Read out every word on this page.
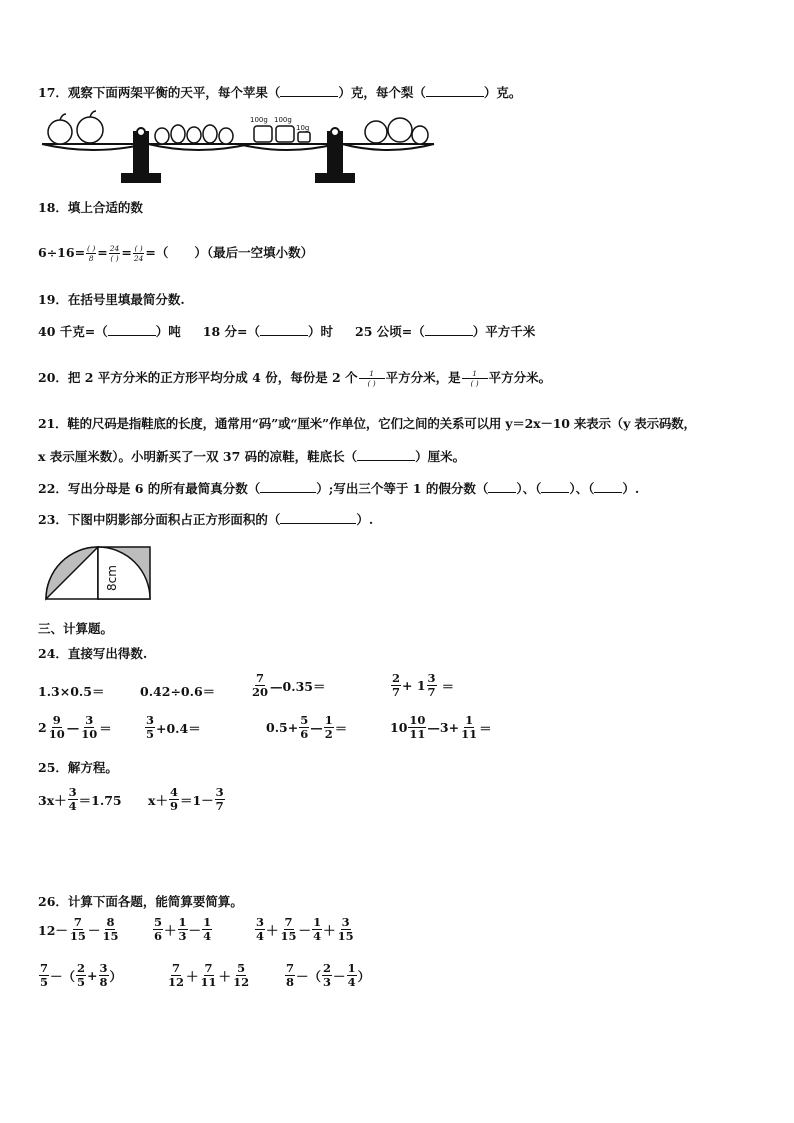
17．观察下面两架平衡的天平，每个苹果（	）克，每个梨（	）克。
100g 100g
10g
18．填上合适的数
$6\div 16= \frac{( )}{8} = \frac{24}{( )} = \frac{( )}{24}$ =（ ）（最后一空填小数）
19．在括号里填最简分数.
40 千克=（	）吨 18 分=（	）时 25 公顷=（	）平方千米
20．把 2 平方分米的正方形平均分成 4 份，每份是 2 个 $\frac{1}{( )}$ 平方分米，是 $\frac{1}{( )}$ 平方分米。
21．鞋的尺码是指鞋底的长度，通常用“码”或“厘米”作单位，它们之间的关系可以用 y＝2x－10 来表示（y 表示码数，
x 表示厘米数）。小明新买了一双 37 码的凉鞋，鞋底长（	）厘米。
22．写出分母是 6 的所有最简真分数（	）;写出三个等于 1 的假分数（ ）、（ ）、（ ）.
23．下图中阴影部分面积占正方形面积的（	）.
8cm
三、计算题。
24．直接写出得数.
1.3×0.5＝	0.42÷0.6＝	$\frac{7}{20}$ —0.35＝	$\frac{2}{7} + 1 \frac{3}{7}$ ＝
$2 \frac{9}{10}$ — $\frac{3}{10}$ ＝	$\frac{3}{5} +0.4=$	$0.5+ \frac{5}{6}$ — $\frac{1}{2}$ ＝	$10 \frac{10}{11}$ —3+ $\frac{1}{11}$ ＝
25．解方程。
$3x+ \frac{3}{4} =1.75$ $x+ \frac{4}{9} =1- \frac{3}{7}$
26．计算下面各题，能简算要简算。
$12- \frac{7}{15} - \frac{8}{15}$	$\frac{5}{6} + \frac{1}{3} - \frac{1}{4}$	$\frac{3}{4} + \frac{7}{15} - \frac{1}{4} + \frac{3}{15}$
$\frac{7}{5}$ －（ $\frac{2}{5} + \frac{3}{8}$ ）	$\frac{7}{12} + \frac{7}{11} + \frac{5}{12}$	$\frac{7}{8}$ －（ $\frac{2}{3} - \frac{1}{4}$ ）
